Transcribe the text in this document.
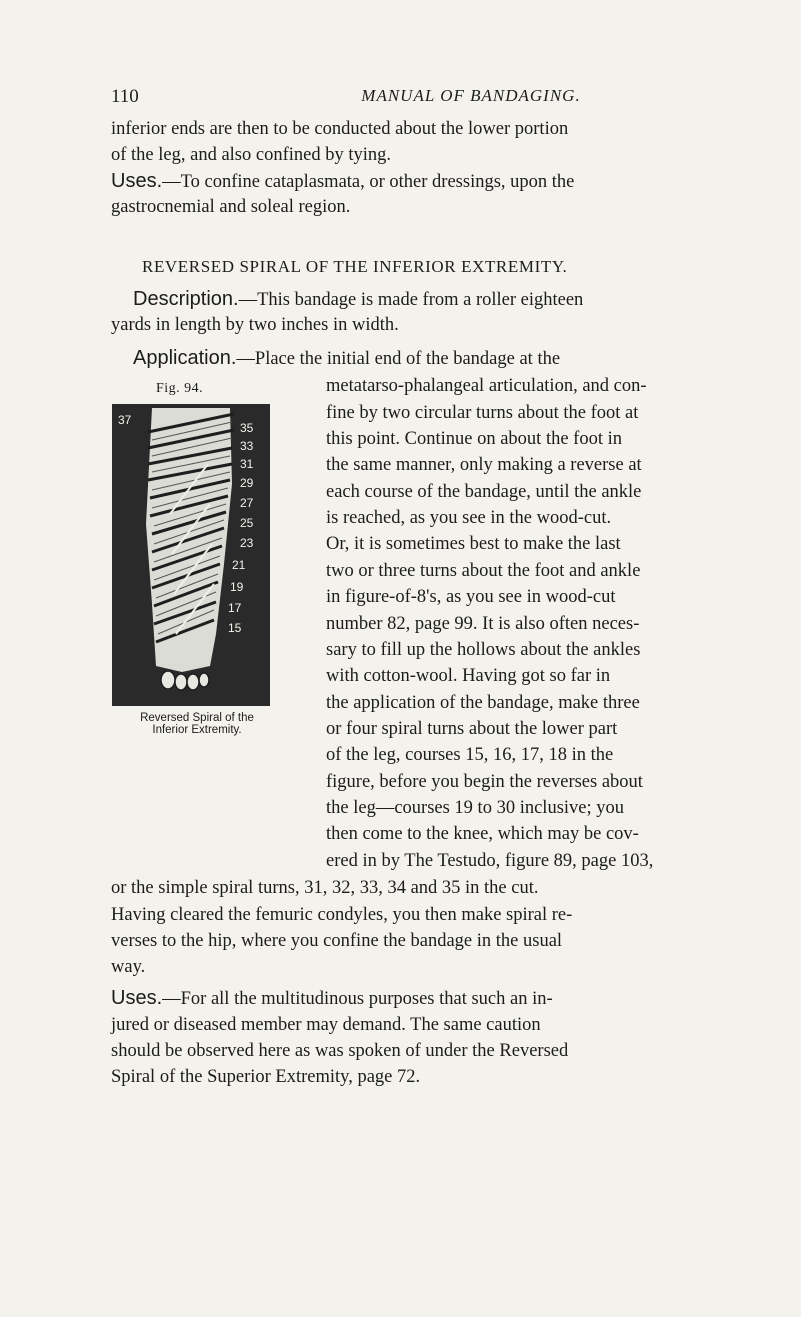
110	MANUAL OF BANDAGING.
inferior ends are then to be conducted about the lower portion
of the leg, and also confined by tying.
Uses.—To confine cataplasmata, or other dressings, upon the
gastrocnemial and soleal region.
REVERSED SPIRAL OF THE INFERIOR EXTREMITY.
Description.—This bandage is made from a roller eighteen
yards in length by two inches in width.
Application.—Place the initial end of the bandage at the
metatarso-phalangeal articulation, and con-
fine by two circular turns about the foot at
this point. Continue on about the foot in
the same manner, only making a reverse at
each course of the bandage, until the ankle
is reached, as you see in the wood-cut.
Or, it is sometimes best to make the last
two or three turns about the foot and ankle
in figure-of-8's, as you see in wood-cut
number 82, page 99. It is also often neces-
sary to fill up the hollows about the ankles
with cotton-wool. Having got so far in
the application of the bandage, make three
or four spiral turns about the lower part
of the leg, courses 15, 16, 17, 18 in the
figure, before you begin the reverses about
the leg—courses 19 to 30 inclusive; you
then come to the knee, which may be cov-
ered in by The Testudo, figure 89, page 103,
or the simple spiral turns, 31, 32, 33, 34 and 35 in the cut.
Having cleared the femuric condyles, you then make spiral re-
verses to the hip, where you confine the bandage in the usual
way.
Uses.—For all the multitudinous purposes that such an in-
jured or diseased member may demand. The same caution
should be observed here as was spoken of under the Reversed
Spiral of the Superior Extremity, page 72.
Fig. 94.
37
35
33
31
29
27
25
23
21
19
17
15
Reversed Spiral of the
Inferior Extremity.
